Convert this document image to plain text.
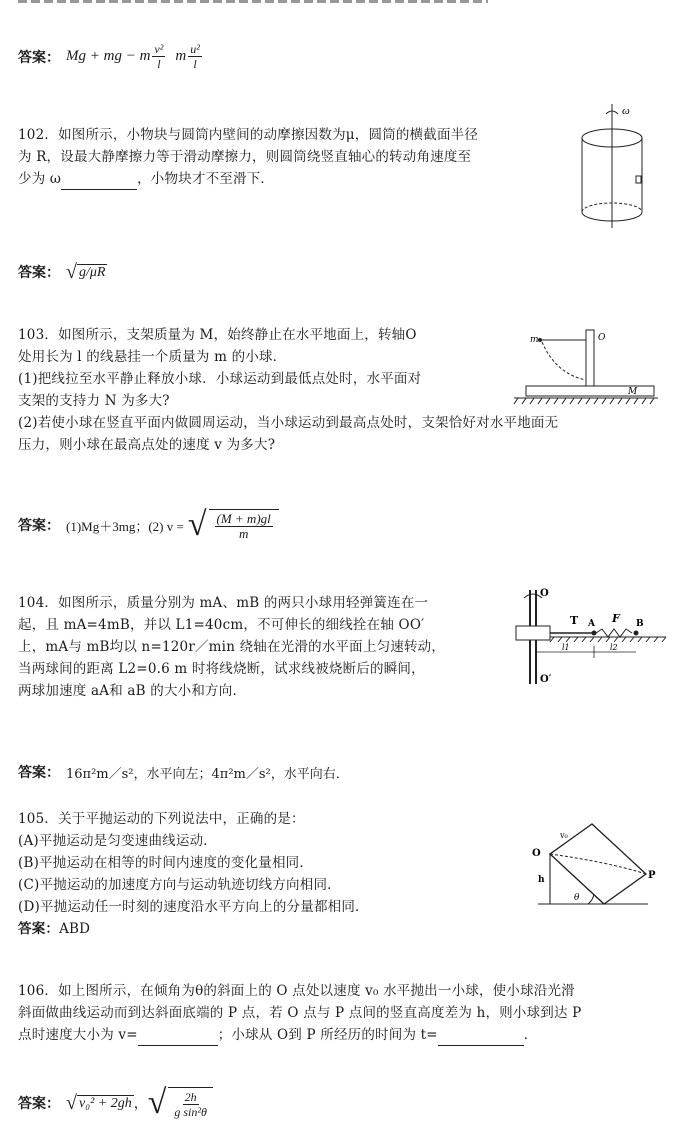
答案： Mg + mg − m $\frac{\text{v²}}{l}$ m $\frac{\text{u²}}{l}$

102．如图所示，小物块与圆筒内壁间的动摩擦因数为μ，圆筒的横截面半径

为 R，设最大静摩擦力等于滑动摩擦力，则圆筒绕竖直轴心的转动角速度至

少为 ω	，小物块才不至滑下．

ω
答案： √ g/μR

103．如图所示，支架质量为 M，始终静止在水平地面上，转轴O

处用长为 l 的线悬挂一个质量为 m 的小球．

(1)把线拉至水平静止释放小球．小球运动到最低点处时，水平面对

支架的支持力 N 为多大?

(2)若使小球在竖直平面内做圆周运动，当小球运动到最高点处时，支架恰好对水平地面无

压力，则小球在最高点处的速度 v 为多大?

m	O
M
答案： (1)Mg＋3mg；(2) v = √ $\frac{(M + m)gl}{m}$

104．如图所示，质量分别为 mA、mB 的两只小球用轻弹簧连在一

起，且 mA=4mB，并以 L1=40cm，不可伸长的细线拴在轴 OO′

上，mA与 mB均以 n=120r／min 绕轴在光滑的水平面上匀速转动，

当两球间的距离 L2=0.6 m 时将线烧断，试求线被烧断后的瞬间，

两球加速度 aA和 aB 的大小和方向．

O
T A F B
l1	l2
O′
答案： 16π²m／s²，水平向左；4π²m／s²，水平向右．

105．关于平抛运动的下列说法中，正确的是：

(A)平抛运动是匀变速曲线运动．

(B)平抛运动在相等的时间内速度的变化量相同．

(C)平抛运动的加速度方向与运动轨迹切线方向相同．

(D)平抛运动任一时刻的速度沿水平方向上的分量都相同．

答案：ABD

O
v₀
h
θ
P

106．如上图所示，在倾角为θ的斜面上的 O 点处以速度 v₀ 水平抛出一小球，使小球沿光滑

斜面做曲线运动而到达斜面底端的 P 点，若 O 点与 P 点间的竖直高度差为 h，则小球到达 P

点时速度大小为 v=	；小球从 O到 P 所经历的时间为 t=	．

答案： √ v₀² + 2gh ， √ $\frac{2h}{\text{g sin²θ}}$
